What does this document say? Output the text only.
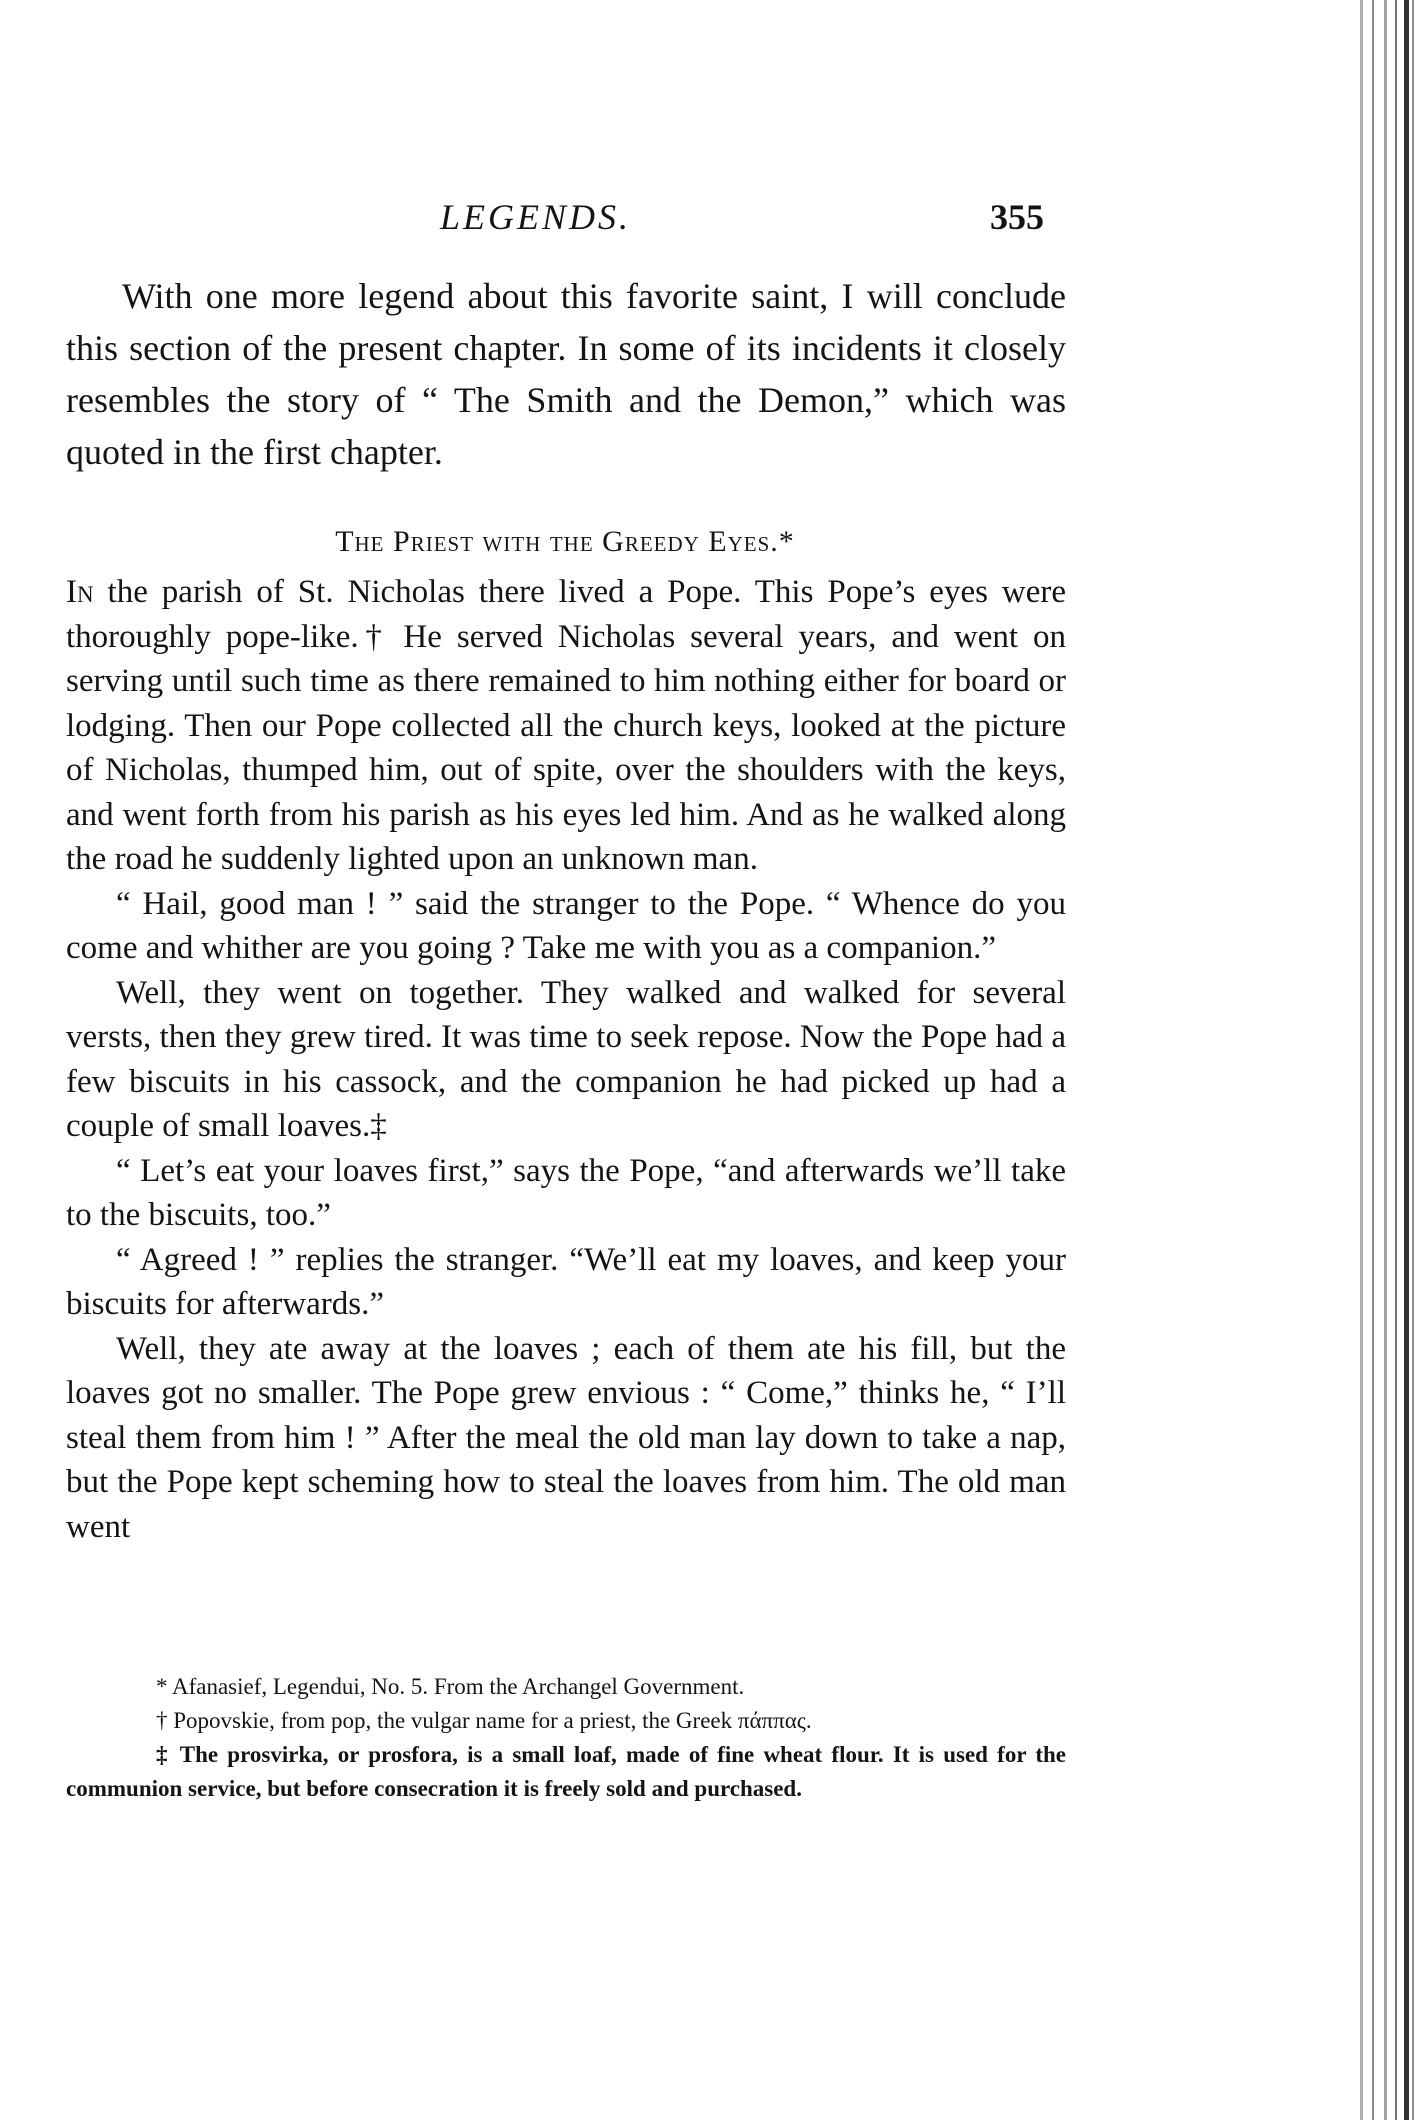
LEGENDS.	355

With one more legend about this favorite saint, I will conclude this section of the present chapter. In some of its incidents it closely resembles the story of “ The Smith and the Demon,” which was quoted in the first chapter.

The Priest with the Greedy Eyes.*

In the parish of St. Nicholas there lived a Pope. This Pope’s eyes were thoroughly pope-like.† He served Nicholas several years, and went on serving until such time as there remained to him nothing either for board or lodging. Then our Pope collected all the church keys, looked at the picture of Nicholas, thumped him, out of spite, over the shoulders with the keys, and went forth from his parish as his eyes led him. And as he walked along the road he suddenly lighted upon an unknown man.

“ Hail, good man ! ” said the stranger to the Pope. “ Whence do you come and whither are you going ? Take me with you as a companion.”

Well, they went on together. They walked and walked for several versts, then they grew tired. It was time to seek repose. Now the Pope had a few biscuits in his cassock, and the companion he had picked up had a couple of small loaves.‡

“ Let’s eat your loaves first,” says the Pope, “and afterwards we’ll take to the biscuits, too.”

“ Agreed ! ” replies the stranger. “We’ll eat my loaves, and keep your biscuits for afterwards.”

Well, they ate away at the loaves ; each of them ate his fill, but the loaves got no smaller. The Pope grew envious : “ Come,” thinks he, “ I’ll steal them from him ! ” After the meal the old man lay down to take a nap, but the Pope kept scheming how to steal the loaves from him. The old man went

* Afanasief, Legendui, No. 5. From the Archangel Government.

† Popovskie, from pop, the vulgar name for a priest, the Greek πάππας.

‡ The prosvirka, or prosfora, is a small loaf, made of fine wheat flour. It is used for the communion service, but before consecration it is freely sold and purchased.
